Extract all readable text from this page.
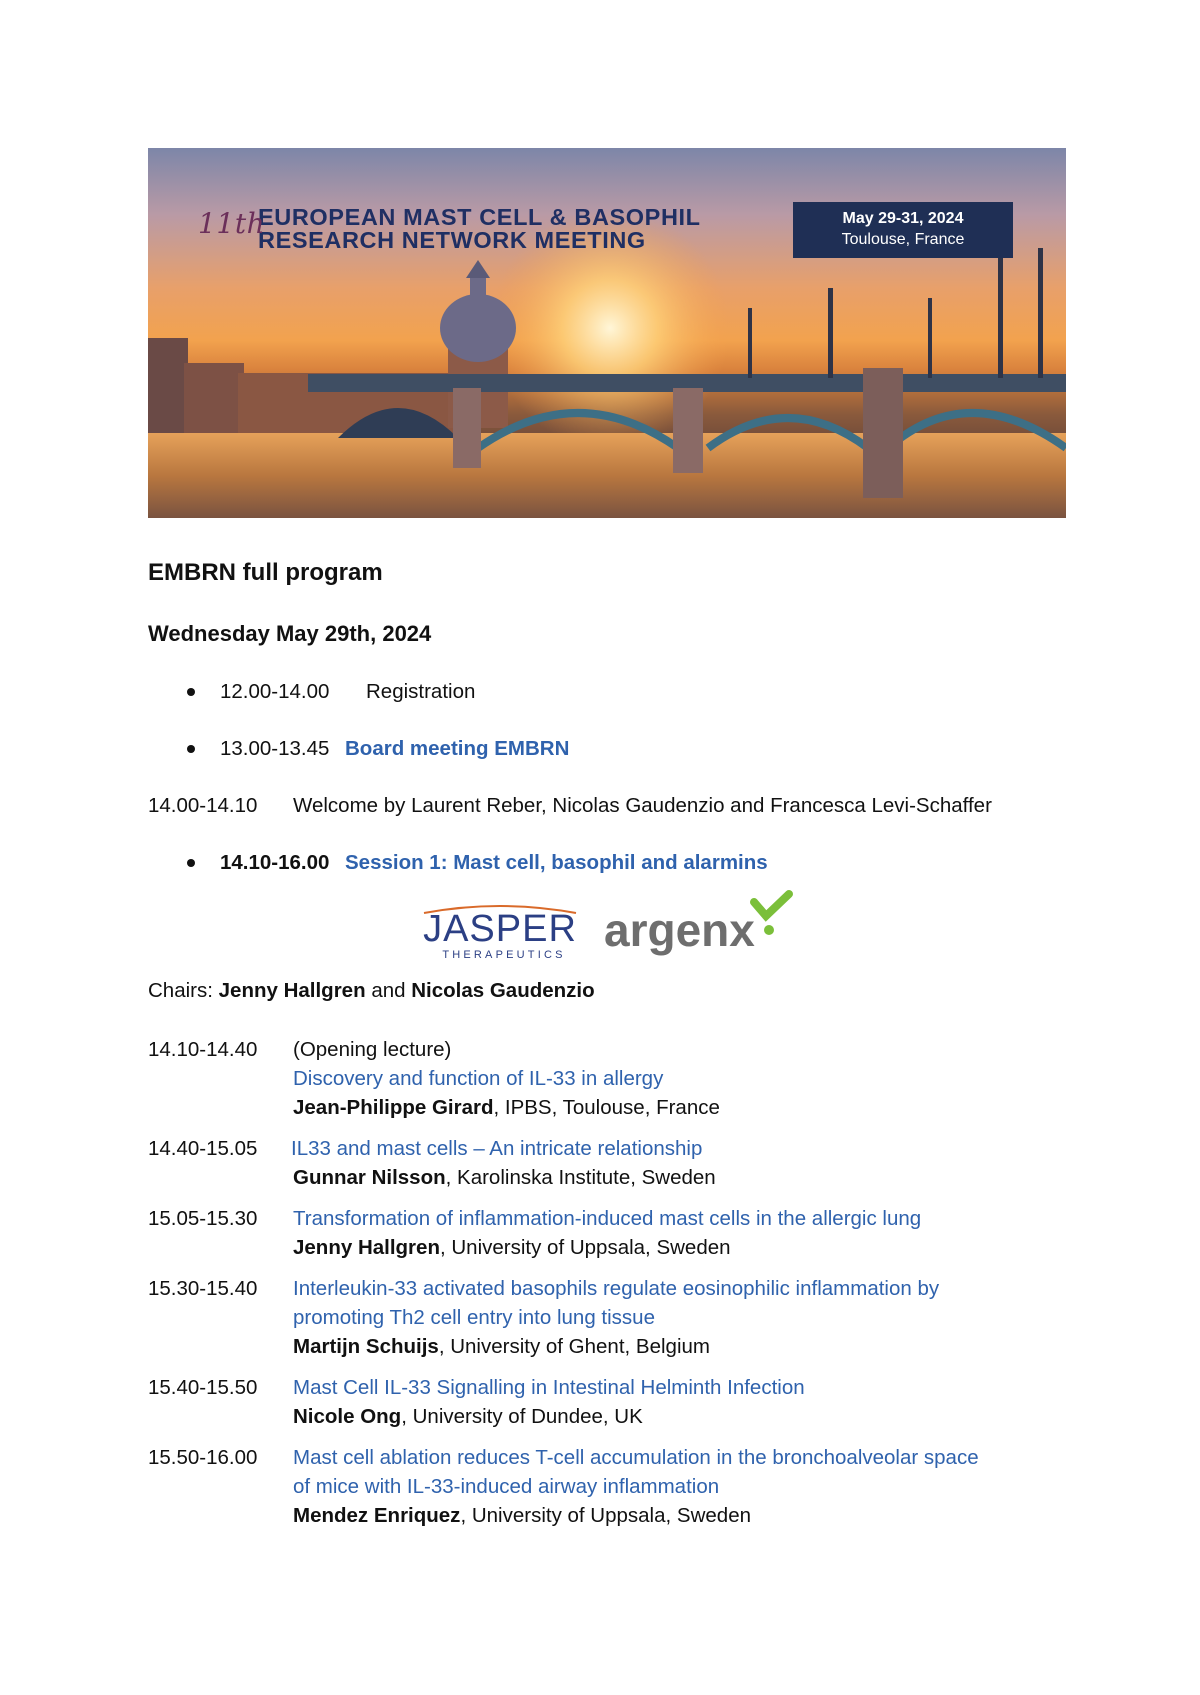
11th
EUROPEAN MAST CELL & BASOPHIL
RESEARCH NETWORK MEETING
May 29-31, 2024
Toulouse, France
EMBRN full program
Wednesday May 29th, 2024
12.00-14.00 Registration
13.00-13.45 Board meeting EMBRN
14.00-14.10 Welcome by Laurent Reber, Nicolas Gaudenzio and Francesca Levi-Schaffer
14.10-16.00 Session 1: Mast cell, basophil and alarmins
JASPER
THERAPEUTICS argenx
Chairs: Jenny Hallgren and Nicolas Gaudenzio
14.10-14.40 (Opening lecture)
Discovery and function of IL-33 in allergy
Jean-Philippe Girard, IPBS, Toulouse, France
14.40-15.05 IL33 and mast cells – An intricate relationship
Gunnar Nilsson, Karolinska Institute, Sweden
15.05-15.30 Transformation of inflammation-induced mast cells in the allergic lung
Jenny Hallgren, University of Uppsala, Sweden
15.30-15.40 Interleukin-33 activated basophils regulate eosinophilic inflammation by
promoting Th2 cell entry into lung tissue
Martijn Schuijs, University of Ghent, Belgium
15.40-15.50 Mast Cell IL-33 Signalling in Intestinal Helminth Infection
Nicole Ong, University of Dundee, UK
15.50-16.00 Mast cell ablation reduces T-cell accumulation in the bronchoalveolar space
of mice with IL-33-induced airway inflammation
Mendez Enriquez, University of Uppsala, Sweden
